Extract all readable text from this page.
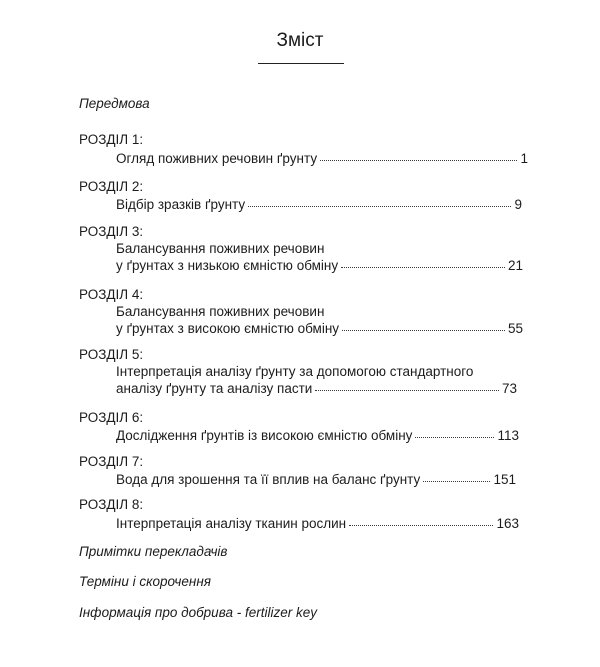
Зміст
Передмова
РОЗДІЛ 1:
Огляд поживних речовин ґрунту	1
РОЗДІЛ 2:
Відбір зразків ґрунту	9
РОЗДІЛ 3:
Балансування поживних речовин
у ґрунтах з низькою ємністю обміну	21
РОЗДІЛ 4:
Балансування поживних речовин
у ґрунтах з високою ємністю обміну	55
РОЗДІЛ 5:
Інтерпретація аналізу ґрунту за допомогою стандартного
аналізу ґрунту та аналізу пасти	73
РОЗДІЛ 6:
Дослідження ґрунтів із високою ємністю обміну	113
РОЗДІЛ 7:
Вода для зрошення та її вплив на баланс ґрунту	151
РОЗДІЛ 8:
Інтерпретація аналізу тканин рослин	163
Примітки перекладачів
Терміни і скорочення
Інформація про добрива - fertilizer key
